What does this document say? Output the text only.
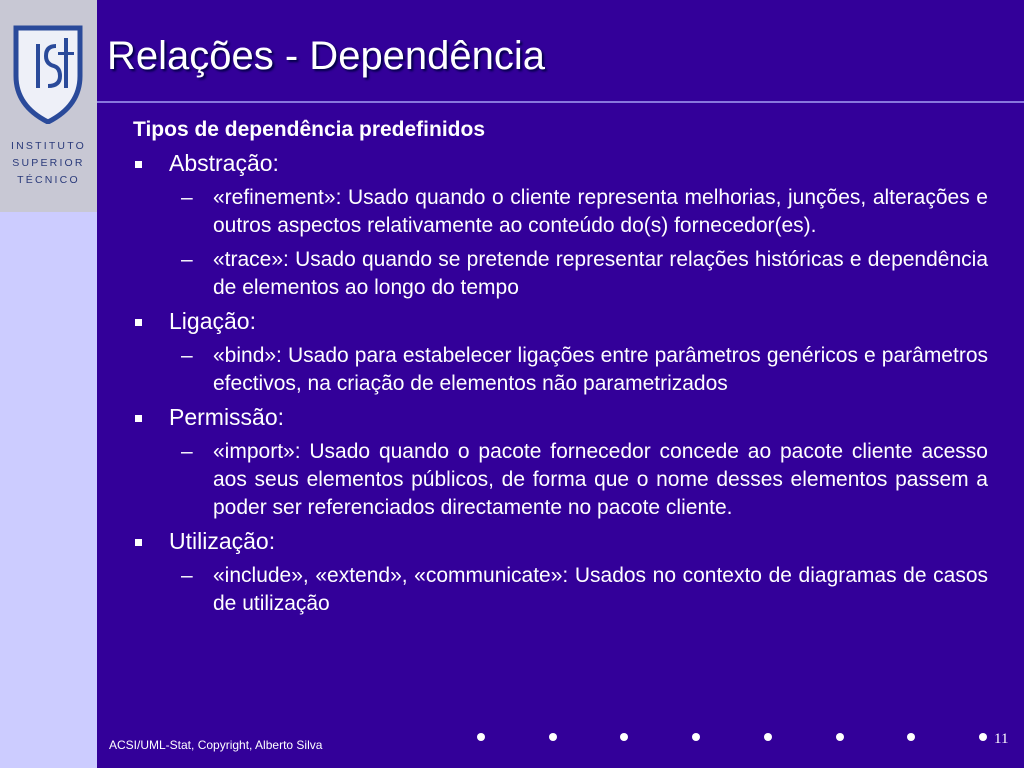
INSTITUTO
SUPERIOR
TÉCNICO
Relações - Dependência
Tipos de dependência predefinidos
Abstração:
– «refinement»: Usado quando o cliente representa melhorias, junções, alterações e outros aspectos relativamente ao conteúdo do(s) fornecedor(es).
– «trace»: Usado quando se pretende representar relações históricas e dependência de elementos ao longo do tempo
Ligação:
– «bind»: Usado para estabelecer ligações entre parâmetros genéricos e parâmetros efectivos, na criação de elementos não parametrizados
Permissão:
– «import»: Usado quando o pacote fornecedor concede ao pacote cliente acesso aos seus elementos públicos, de forma que o nome desses elementos passem a poder ser referenciados directamente no pacote cliente.
Utilização:
– «include», «extend», «communicate»: Usados no contexto de diagramas de casos de utilização
ACSI/UML-Stat, Copyright, Alberto Silva	11
